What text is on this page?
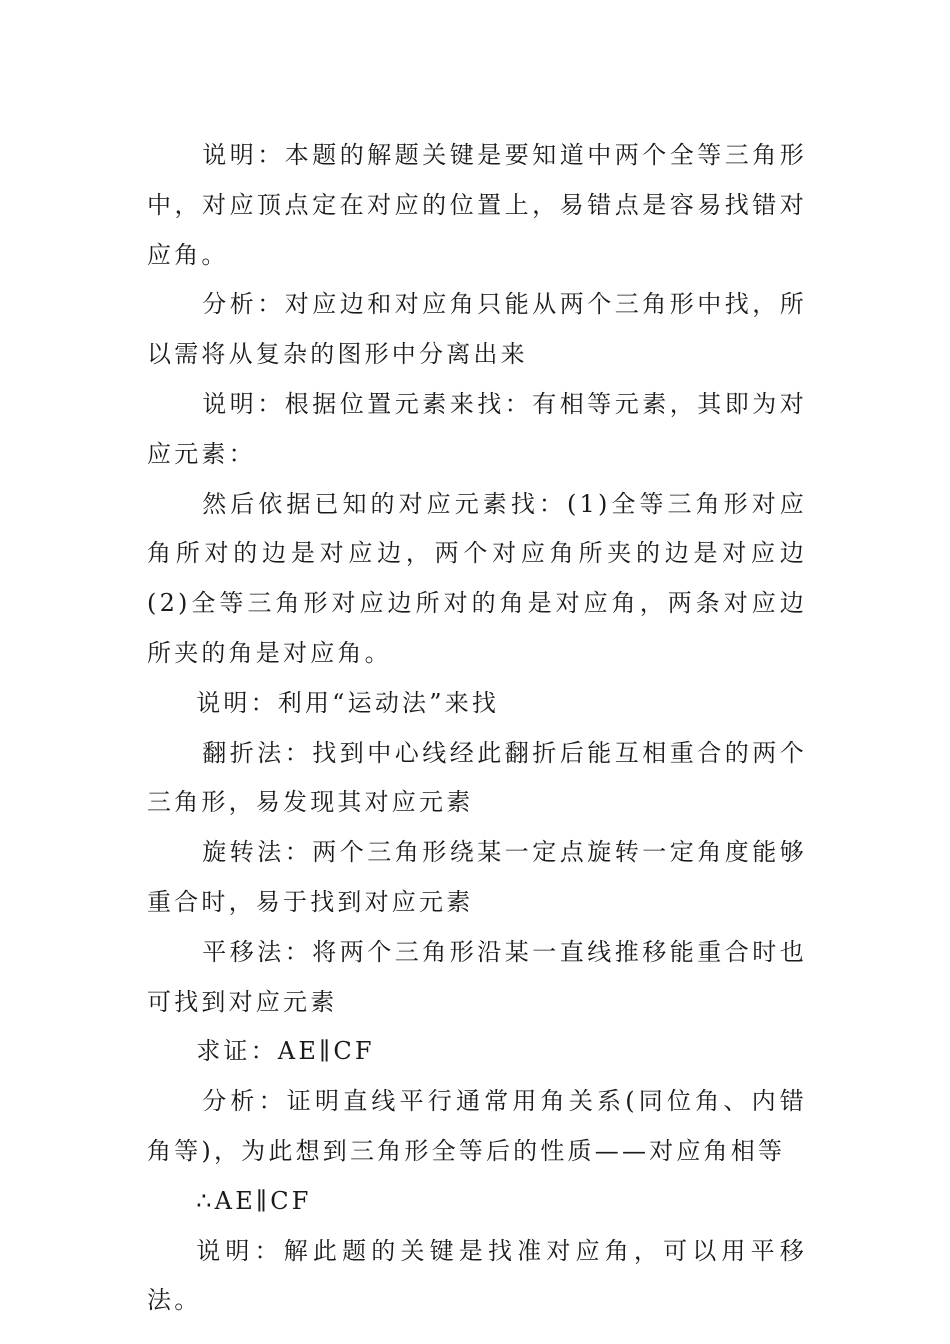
说明：本题的解题关键是要知道中两个全等三角形中，对应顶点定在对应的位置上，易错点是容易找错对应角。

分析：对应边和对应角只能从两个三角形中找，所以需将从复杂的图形中分离出来

说明：根据位置元素来找：有相等元素，其即为对应元素：

然后依据已知的对应元素找：(1)全等三角形对应角所对的边是对应边，两个对应角所夹的边是对应边(2)全等三角形对应边所对的角是对应角，两条对应边所夹的角是对应角。

说明：利用“运动法”来找

翻折法：找到中心线经此翻折后能互相重合的两个三角形，易发现其对应元素

旋转法：两个三角形绕某一定点旋转一定角度能够重合时，易于找到对应元素

平移法：将两个三角形沿某一直线推移能重合时也可找到对应元素

求证：AE∥CF

分析：证明直线平行通常用角关系(同位角、内错角等)，为此想到三角形全等后的性质——对应角相等

∴AE∥CF

说明：解此题的关键是找准对应角，可以用平移法。
